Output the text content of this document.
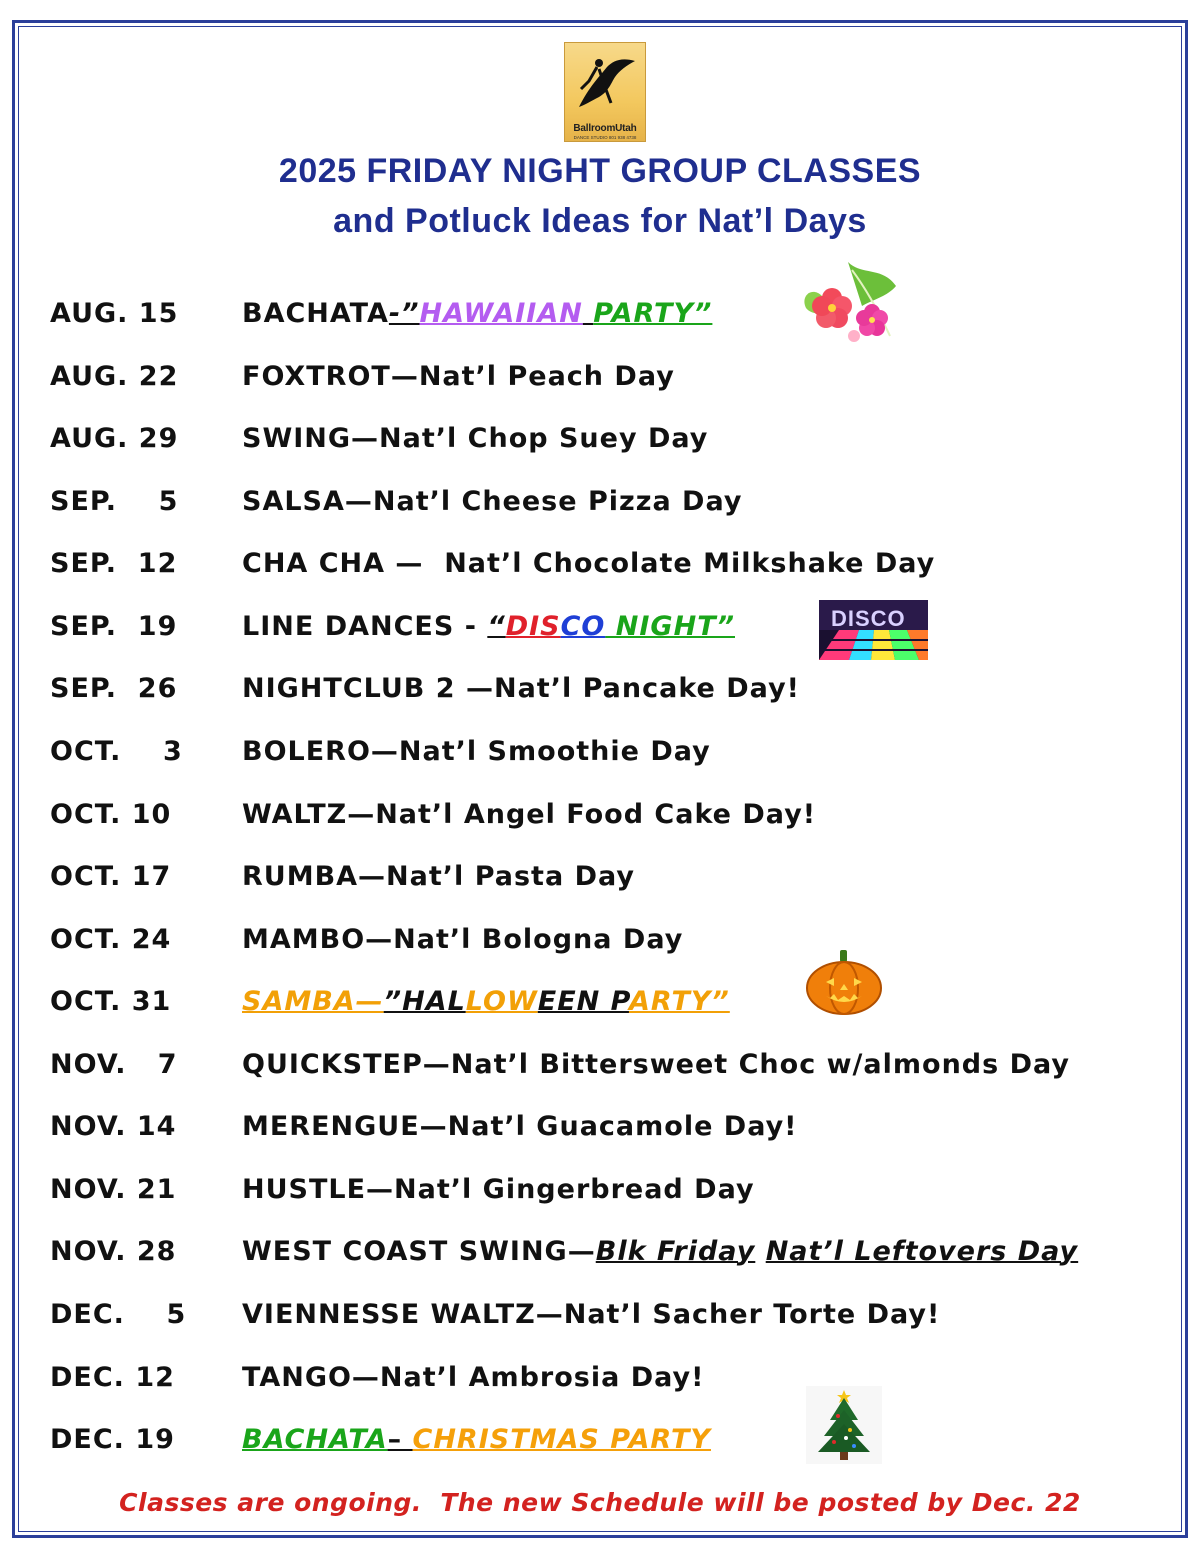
BallroomUtah
DANCE STUDIO 801 938 4738
2025 FRIDAY NIGHT GROUP CLASSES
and Potluck Ideas for Nat’l Days
AUG. 15 BACHATA-”HAWAIIAN PARTY”
AUG. 22 FOXTROT—Nat’l Peach Day
AUG. 29 SWING—Nat’l Chop Suey Day
SEP.    5 SALSA—Nat’l Cheese Pizza Day
SEP.  12 CHA CHA —  Nat’l Chocolate Milkshake Day
SEP.  19 LINE DANCES - “DISCO NIGHT”
SEP.  26 NIGHTCLUB 2 —Nat’l Pancake Day!
OCT.    3 BOLERO—Nat’l Smoothie Day
OCT. 10	WALTZ—Nat’l Angel Food Cake Day!
OCT. 17	RUMBA—Nat’l Pasta Day
OCT. 24	MAMBO—Nat’l Bologna Day
OCT. 31	SAMBA—”HALLOWEEN PARTY”
NOV.   7 QUICKSTEP—Nat’l Bittersweet Choc w/almonds Day
NOV. 14 MERENGUE—Nat’l Guacamole Day!
NOV. 21 HUSTLE—Nat’l Gingerbread Day
NOV. 28 WEST COAST SWING—Blk Friday Nat’l Leftovers Day
DEC.    5 VIENNESSE WALTZ—Nat’l Sacher Torte Day!
DEC. 12 TANGO—Nat’l Ambrosia Day!
DEC. 19 BACHATA– CHRISTMAS PARTY
DISCO
Classes are ongoing.  The new Schedule will be posted by Dec. 22
